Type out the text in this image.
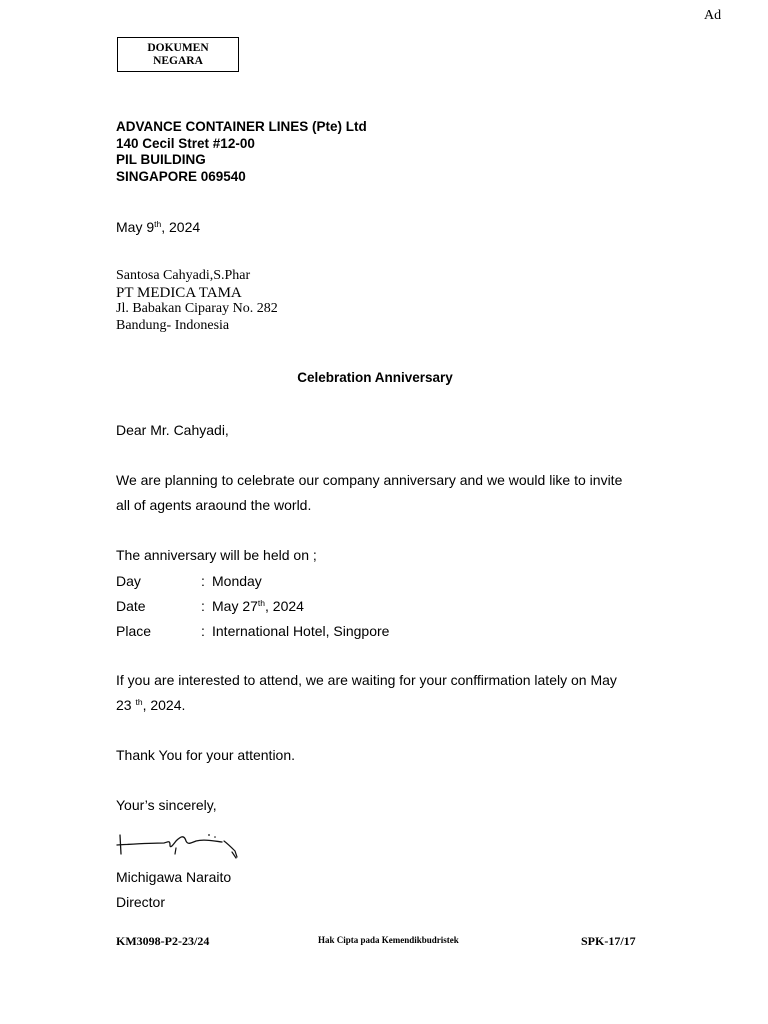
Ad
DOKUMEN
NEGARA
ADVANCE CONTAINER LINES (Pte) Ltd
140 Cecil Stret #12-00
PIL BUILDING
SINGAPORE 069540
May 9th, 2024
Santosa Cahyadi,S.Phar
PT MEDICA TAMA
Jl. Babakan Ciparay No. 282
Bandung- Indonesia
Celebration Anniversary
Dear Mr. Cahyadi,
We are planning to celebrate our company anniversary and we would like to invite all of agents araound the world.
The anniversary will be held on ;
Day	: Monday
Date	: May 27th, 2024
Place	: International Hotel, Singpore
If you are interested to attend, we are waiting for your conffirmation lately on May 23 $^{th}$, 2024.
Thank You for your attention.
Your’s sincerely,
Michigawa Naraito
Director
KM3098-P2-23/24	Hak Cipta pada Kemendikbudristek	SPK-17/17
